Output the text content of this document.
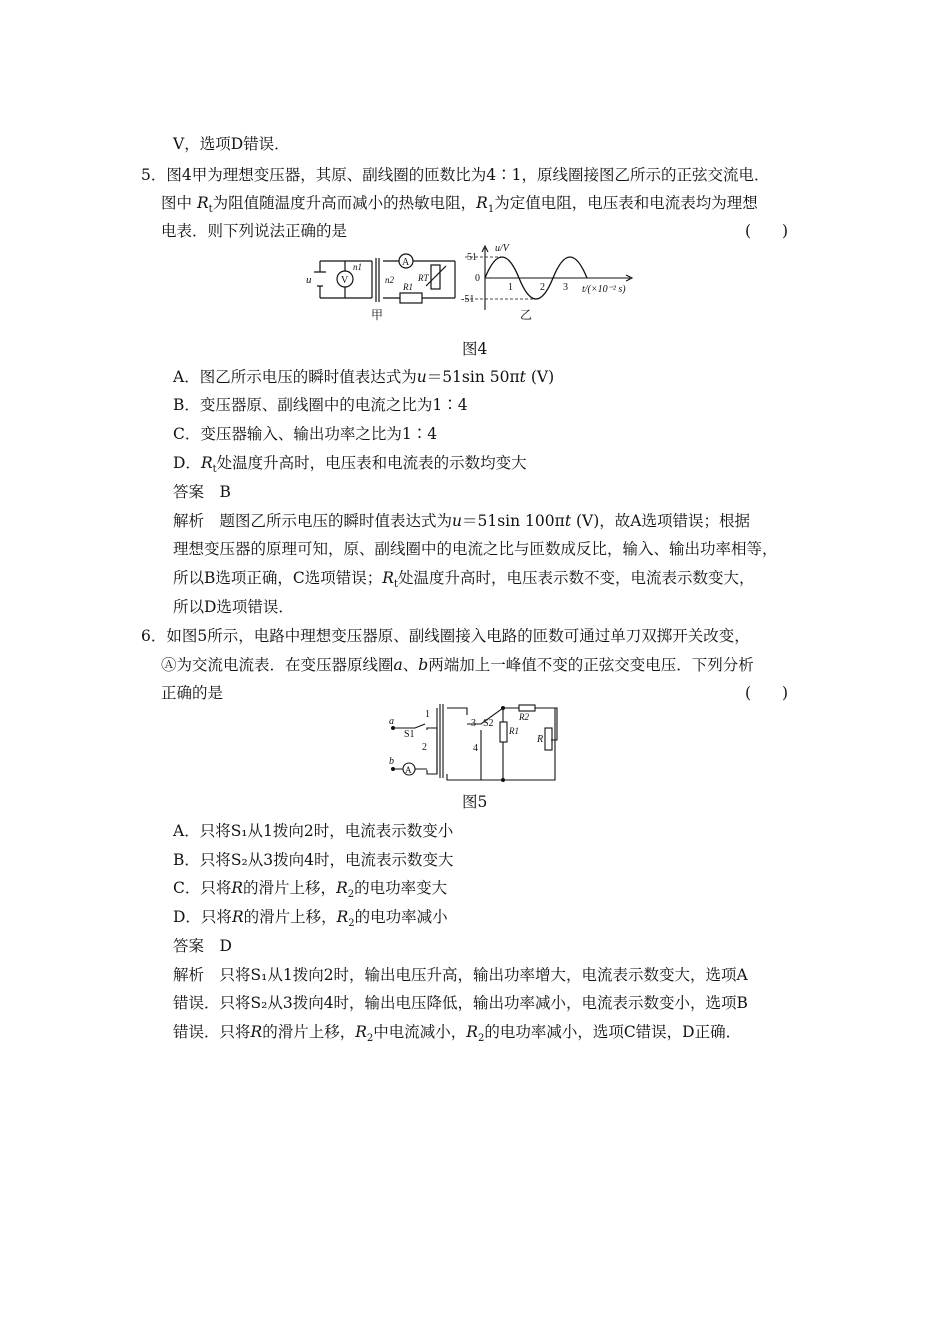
V，选项D错误．
5．图4甲为理想变压器，其原、副线圈的匝数比为4∶1，原线圈接图乙所示的正弦交流电．
图中 $R_t$为阻值随温度升高而减小的热敏电阻，$R_1$为定值电阻，电压表和电流表均为理想
电表．则下列说法正确的是	(　　)
u	V
n1
n2
A
R1
RT
甲
u/V
51
0
-51
1	2 3 t/(×10⁻² s)
乙
图4
A．图乙所示电压的瞬时值表达式为u＝51sin 50πt (V)
B．变压器原、副线圈中的电流之比为1∶4
C．变压器输入、输出功率之比为1∶4
D．$R_t$处温度升高时，电压表和电流表的示数均变大
答案　B
解析　题图乙所示电压的瞬时值表达式为u＝51sin 100πt (V)，故A选项错误；根据
理想变压器的原理可知，原、副线圈中的电流之比与匝数成反比，输入、输出功率相等，
所以B选项正确，C选项错误；$R_t$处温度升高时，电压表示数不变，电流表示数变大，
所以D选项错误．
6．如图5所示，电路中理想变压器原、副线圈接入电路的匝数可通过单刀双掷开关改变，
Ⓐ为交流电流表．在变压器原线圈a、b两端加上一峰值不变的正弦交变电压．下列分析
正确的是	(　　)
a
b
S1
1
2
3
4
S2
R1
R2
R
A
图5
A．只将S₁从1拨向2时，电流表示数变小
B．只将S₂从3拨向4时，电流表示数变大
C．只将R的滑片上移，$R_2$的电功率变大
D．只将R的滑片上移，$R_2$的电功率减小
答案　D
解析　只将S₁从1拨向2时，输出电压升高，输出功率增大，电流表示数变大，选项A
错误．只将S₂从3拨向4时，输出电压降低，输出功率减小，电流表示数变小，选项B
错误．只将R的滑片上移，$R_2$中电流减小，$R_2$的电功率减小，选项C错误，D正确．
